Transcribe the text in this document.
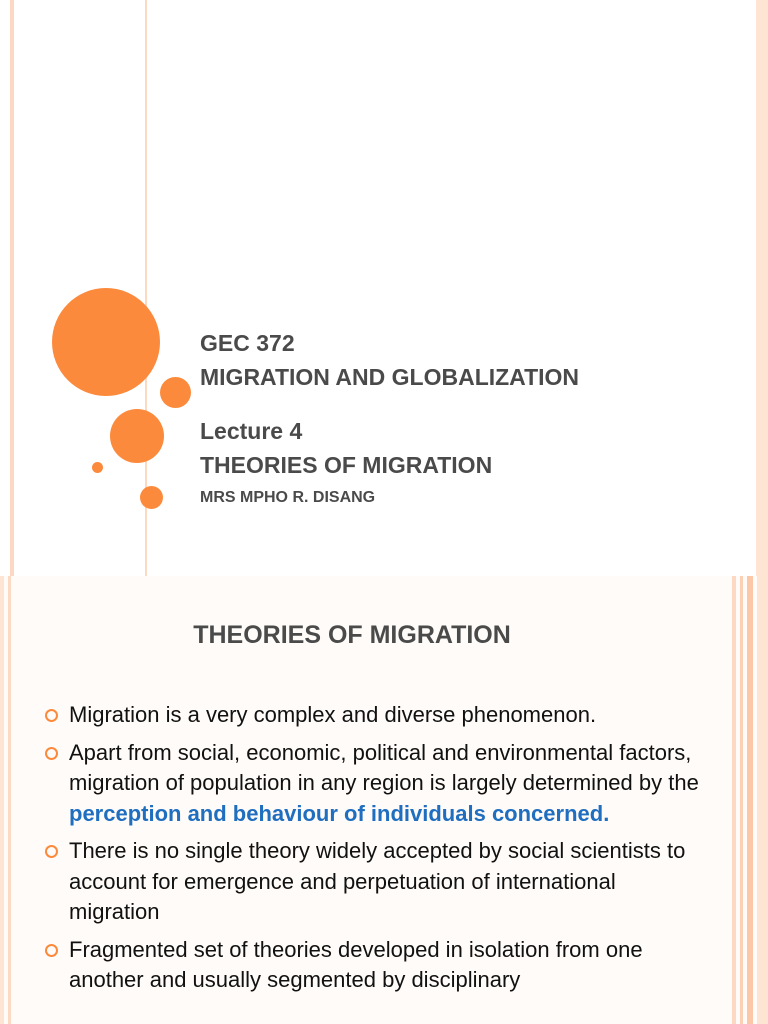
GEC 372
MIGRATION AND GLOBALIZATION
Lecture 4
THEORIES OF MIGRATION
MRS MPHO R. DISANG
THEORIES OF MIGRATION
Migration is a very complex and diverse phenomenon.
Apart from social, economic, political and environmental factors, migration of population in any region is largely determined by the perception and behaviour of individuals concerned.
There is no single theory widely accepted by social scientists to account for emergence and perpetuation of international migration
Fragmented set of theories developed in isolation from one another and usually segmented by disciplinary
